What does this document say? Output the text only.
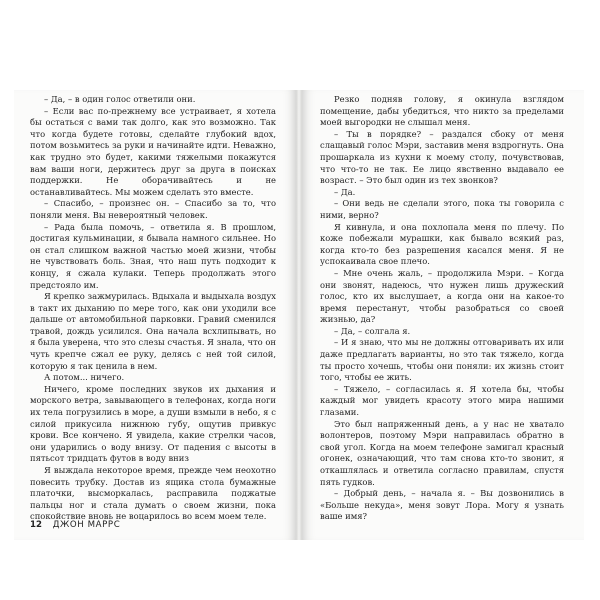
– Да, – в один голос ответили они.

– Если вас по-прежнему все устраивает, я хотела бы остаться с вами так долго, как это возможно. Так что когда будете готовы, сделайте глубокий вдох, потом возьмитесь за руки и начинайте идти. Неважно, как трудно это будет, какими тяжелыми покажутся вам ваши ноги, держитесь друг за друга в поисках поддержки. Не оборачивайтесь и не останавливайтесь. Мы можем сделать это вместе.

– Спасибо, – произнес он. – Спасибо за то, что поняли меня. Вы невероятный человек.

– Рада была помочь, – ответила я. В прошлом, достигая кульминации, я бывала намного сильнее. Но он стал слишком важной частью моей жизни, чтобы не чувствовать боль. Зная, что наш путь подходит к концу, я сжала кулаки. Теперь продолжать этого предстояло им.

Я крепко зажмурилась. Вдыхала и выдыхала воздух в такт их дыханию по мере того, как они уходили все дальше от автомобильной парковки. Гравий сменился травой, дождь усилился. Она начала всхлипывать, но я была уверена, что это слезы счастья. Я знала, что он чуть крепче сжал ее руку, делясь с ней той силой, которую я так ценила в нем.

А потом... ничего.

Ничего, кроме последних звуков их дыхания и морского ветра, завывающего в телефонах, когда ноги их тела погрузились в море, а души взмыли в небо, я с силой прикусила нижнюю губу, ощутив привкус крови. Все кончено. Я увидела, какие стрелки часов, они ударились о воду внизу. От падения с высоты в пятьсот тридцать футов в воду вниз

Я выждала некоторое время, прежде чем неохотно повесить трубку. Достав из ящика стола бумажные платочки, высморкалась, расправила поджатые пальцы ног и стала думать о своем жизни, пока спокойствие вновь не воцарилось во всем моем теле.

12 ДЖОН МАРРС

Резко подняв голову, я окинула взглядом помещение, дабы убедиться, что никто за пределами моей выгородки не слышал меня.

– Ты в порядке? – раздался сбоку от меня слащавый голос Мэри, заставив меня вздрогнуть. Она прошаркала из кухни к моему столу, почувствовав, что что-то не так. Ее лицо явственно выдавало ее возраст. – Это был один из тех звонков?

– Да.

– Они ведь не сделали этого, пока ты говорила с ними, верно?

Я кивнула, и она похлопала меня по плечу. По коже побежали мурашки, как бывало всякий раз, когда кто-то без разрешения касался меня. Я не успокаивала свое плечо.

– Мне очень жаль, – продолжила Мэри. – Когда они звонят, надеюсь, что нужен лишь дружеский голос, кто их выслушает, а когда они на какое-то время перестанут, чтобы разобраться со своей жизнью, да?

– Да, – солгала я.

– И я знаю, что мы не должны отговаривать их или даже предлагать варианты, но это так тяжело, когда ты просто хочешь, чтобы они поняли: их жизнь стоит того, чтобы ее жить.

– Тяжело, – согласилась я. Я хотела бы, чтобы каждый мог увидеть красоту этого мира нашими глазами.

Это был напряженный день, а у нас не хватало волонтеров, поэтому Мэри направилась обратно в свой угол. Когда на моем телефоне замигал красный огонек, означающий, что там снова кто-то звонит, я откашлялась и ответила согласно правилам, спустя пять гудков.

– Добрый день, – начала я. – Вы дозвонились в «Больше некуда», меня зовут Лора. Могу я узнать ваше имя?
